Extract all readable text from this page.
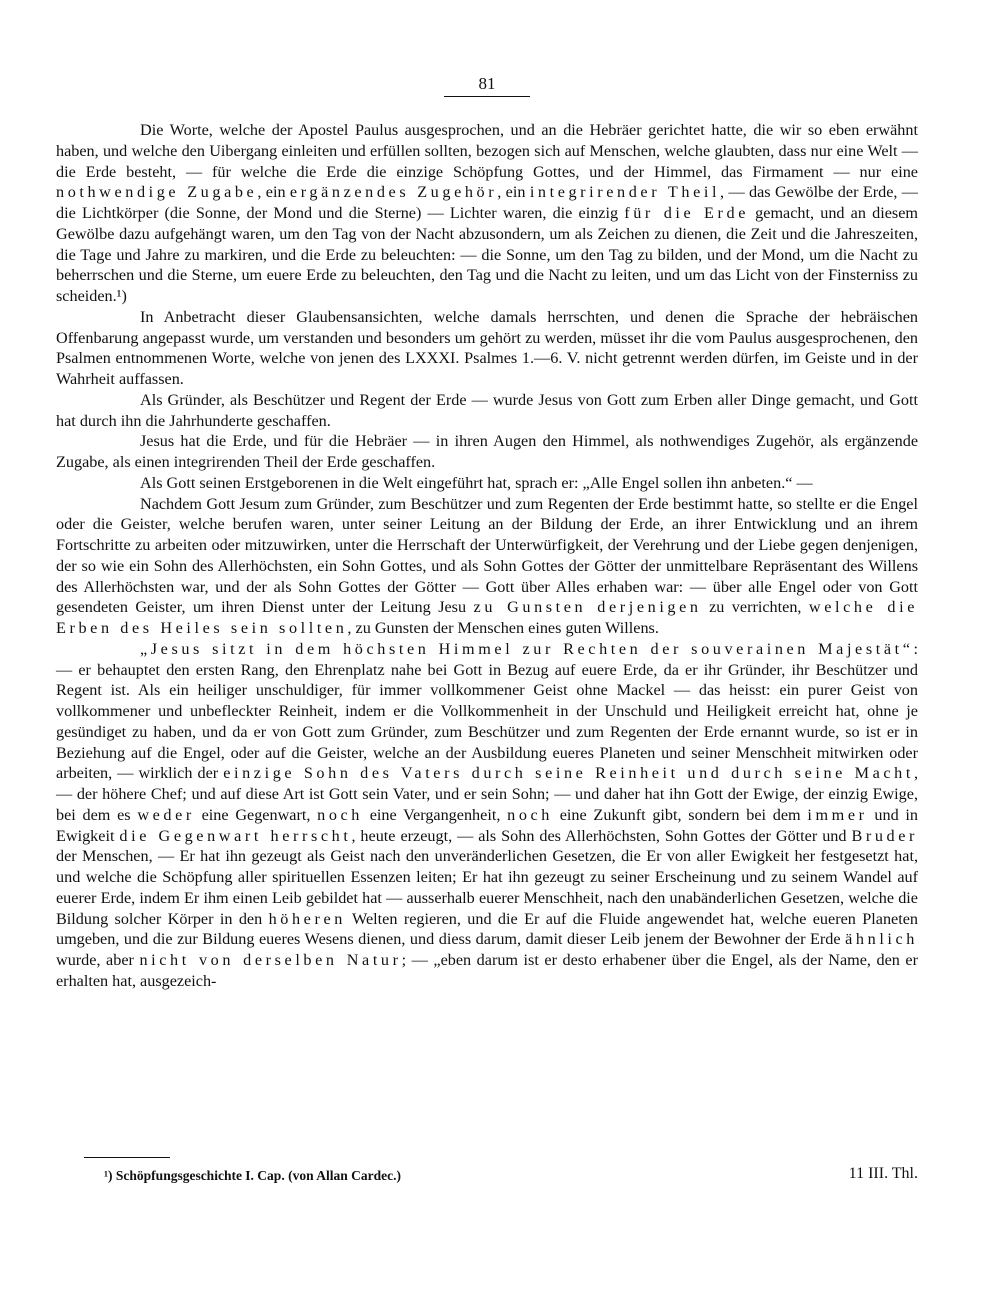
81

Die Worte, welche der Apostel Paulus ausgesprochen, und an die Hebräer gerichtet hatte, die wir so eben erwähnt haben, und welche den Uibergang einleiten und erfüllen sollten, bezogen sich auf Menschen, welche glaubten, dass nur eine Welt — die Erde besteht, — für welche die Erde die einzige Schöpfung Gottes, und der Himmel, das Firmament — nur eine nothwendige Zugabe, ein ergänzendes Zugehör, ein integrirender Theil, — das Gewölbe der Erde, — die Lichtkörper (die Sonne, der Mond und die Sterne) — Lichter waren, die einzig für die Erde gemacht, und an diesem Gewölbe dazu aufgehängt waren, um den Tag von der Nacht abzusondern, um als Zeichen zu dienen, die Zeit und die Jahreszeiten, die Tage und Jahre zu markiren, und die Erde zu beleuchten: — die Sonne, um den Tag zu bilden, und der Mond, um die Nacht zu beherrschen und die Sterne, um euere Erde zu beleuchten, den Tag und die Nacht zu leiten, und um das Licht von der Finsterniss zu scheiden.¹)

In Anbetracht dieser Glaubensansichten, welche damals herrschten, und denen die Sprache der hebräischen Offenbarung angepasst wurde, um verstanden und besonders um gehört zu werden, müsset ihr die vom Paulus ausgesprochenen, den Psalmen entnommenen Worte, welche von jenen des LXXXI. Psalmes 1.—6. V. nicht getrennt werden dürfen, im Geiste und in der Wahrheit auffassen.

Als Gründer, als Beschützer und Regent der Erde — wurde Jesus von Gott zum Erben aller Dinge gemacht, und Gott hat durch ihn die Jahrhunderte geschaffen.

Jesus hat die Erde, und für die Hebräer — in ihren Augen den Himmel, als nothwendiges Zugehör, als ergänzende Zugabe, als einen integrirenden Theil der Erde geschaffen.

Als Gott seinen Erstgeborenen in die Welt eingeführt hat, sprach er: „Alle Engel sollen ihn anbeten.“ —

Nachdem Gott Jesum zum Gründer, zum Beschützer und zum Regenten der Erde bestimmt hatte, so stellte er die Engel oder die Geister, welche berufen waren, unter seiner Leitung an der Bildung der Erde, an ihrer Entwicklung und an ihrem Fortschritte zu arbeiten oder mitzuwirken, unter die Herrschaft der Unterwürfigkeit, der Verehrung und der Liebe gegen denjenigen, der so wie ein Sohn des Allerhöchsten, ein Sohn Gottes, und als Sohn Gottes der Götter der unmittelbare Repräsentant des Willens des Allerhöchsten war, und der als Sohn Gottes der Götter — Gott über Alles erhaben war: — über alle Engel oder von Gott gesendeten Geister, um ihren Dienst unter der Leitung Jesu zu Gunsten derjenigen zu verrichten, welche die Erben des Heiles sein sollten, zu Gunsten der Menschen eines guten Willens.

„Jesus sitzt in dem höchsten Himmel zur Rechten der souverainen Majestät“: — er behauptet den ersten Rang, den Ehrenplatz nahe bei Gott in Bezug auf euere Erde, da er ihr Gründer, ihr Beschützer und Regent ist. Als ein heiliger unschuldiger, für immer vollkommener Geist ohne Mackel — das heisst: ein purer Geist von vollkommener und unbefleckter Reinheit, indem er die Vollkommenheit in der Unschuld und Heiligkeit erreicht hat, ohne je gesündiget zu haben, und da er von Gott zum Gründer, zum Beschützer und zum Regenten der Erde ernannt wurde, so ist er in Beziehung auf die Engel, oder auf die Geister, welche an der Ausbildung eueres Planeten und seiner Menschheit mitwirken oder arbeiten, — wirklich der einzige Sohn des Vaters durch seine Reinheit und durch seine Macht, — der höhere Chef; und auf diese Art ist Gott sein Vater, und er sein Sohn; — und daher hat ihn Gott der Ewige, der einzig Ewige, bei dem es weder eine Gegenwart, noch eine Vergangenheit, noch eine Zukunft gibt, sondern bei dem immer und in Ewigkeit die Gegenwart herrscht, heute erzeugt, — als Sohn des Allerhöchsten, Sohn Gottes der Götter und Bruder der Menschen, — Er hat ihn gezeugt als Geist nach den unveränderlichen Gesetzen, die Er von aller Ewigkeit her festgesetzt hat, und welche die Schöpfung aller spirituellen Essenzen leiten; Er hat ihn gezeugt zu seiner Erscheinung und zu seinem Wandel auf euerer Erde, indem Er ihm einen Leib gebildet hat — ausserhalb euerer Menschheit, nach den unabänderlichen Gesetzen, welche die Bildung solcher Körper in den höheren Welten regieren, und die Er auf die Fluide angewendet hat, welche eueren Planeten umgeben, und die zur Bildung eueres Wesens dienen, und diess darum, damit dieser Leib jenem der Bewohner der Erde ähnlich wurde, aber nicht von derselben Natur; — „eben darum ist er desto erhabener über die Engel, als der Name, den er erhalten hat, ausgezeich-

¹) Schöpfungsgeschichte I. Cap. (von Allan Cardec.)	11 III. Thl.
